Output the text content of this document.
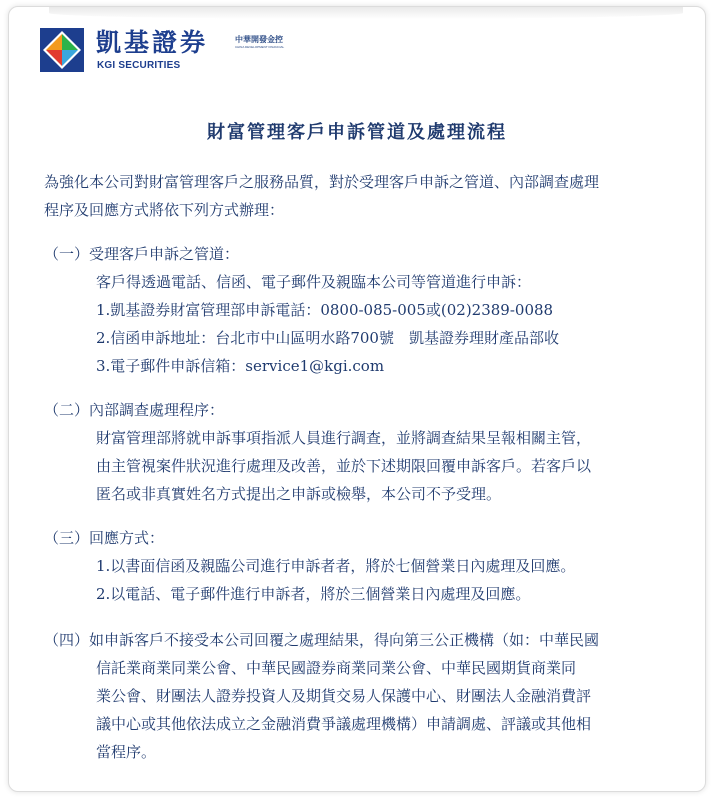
凱基證券
KGI SECURITIES
中華開發金控
CHINA DEVELOPMENT FINANCIAL
財富管理客戶申訴管道及處理流程
為強化本公司對財富管理客戶之服務品質，對於受理客戶申訴之管道、內部調查處理
程序及回應方式將依下列方式辦理：
（一）受理客戶申訴之管道：
客戶得透過電話、信函、電子郵件及親臨本公司等管道進行申訴：
1.凱基證券財富管理部申訴電話：0800-085-005或(02)2389-0088
2.信函申訴地址：台北市中山區明水路700號　凱基證券理財產品部收
3.電子郵件申訴信箱：service1@kgi.com
（二）內部調查處理程序：
財富管理部將就申訴事項指派人員進行調查，並將調查結果呈報相關主管，
由主管視案件狀況進行處理及改善，並於下述期限回覆申訴客戶。若客戶以
匿名或非真實姓名方式提出之申訴或檢舉，本公司不予受理。
（三）回應方式：
1.以書面信函及親臨公司進行申訴者者，將於七個營業日內處理及回應。
2.以電話、電子郵件進行申訴者，將於三個營業日內處理及回應。
（四）如申訴客戶不接受本公司回覆之處理結果，得向第三公正機構（如：中華民國
信託業商業同業公會、中華民國證券商業同業公會、中華民國期貨商業同
業公會、財團法人證券投資人及期貨交易人保護中心、財團法人金融消費評
議中心或其他依法成立之金融消費爭議處理機構）申請調處、評議或其他相
當程序。
